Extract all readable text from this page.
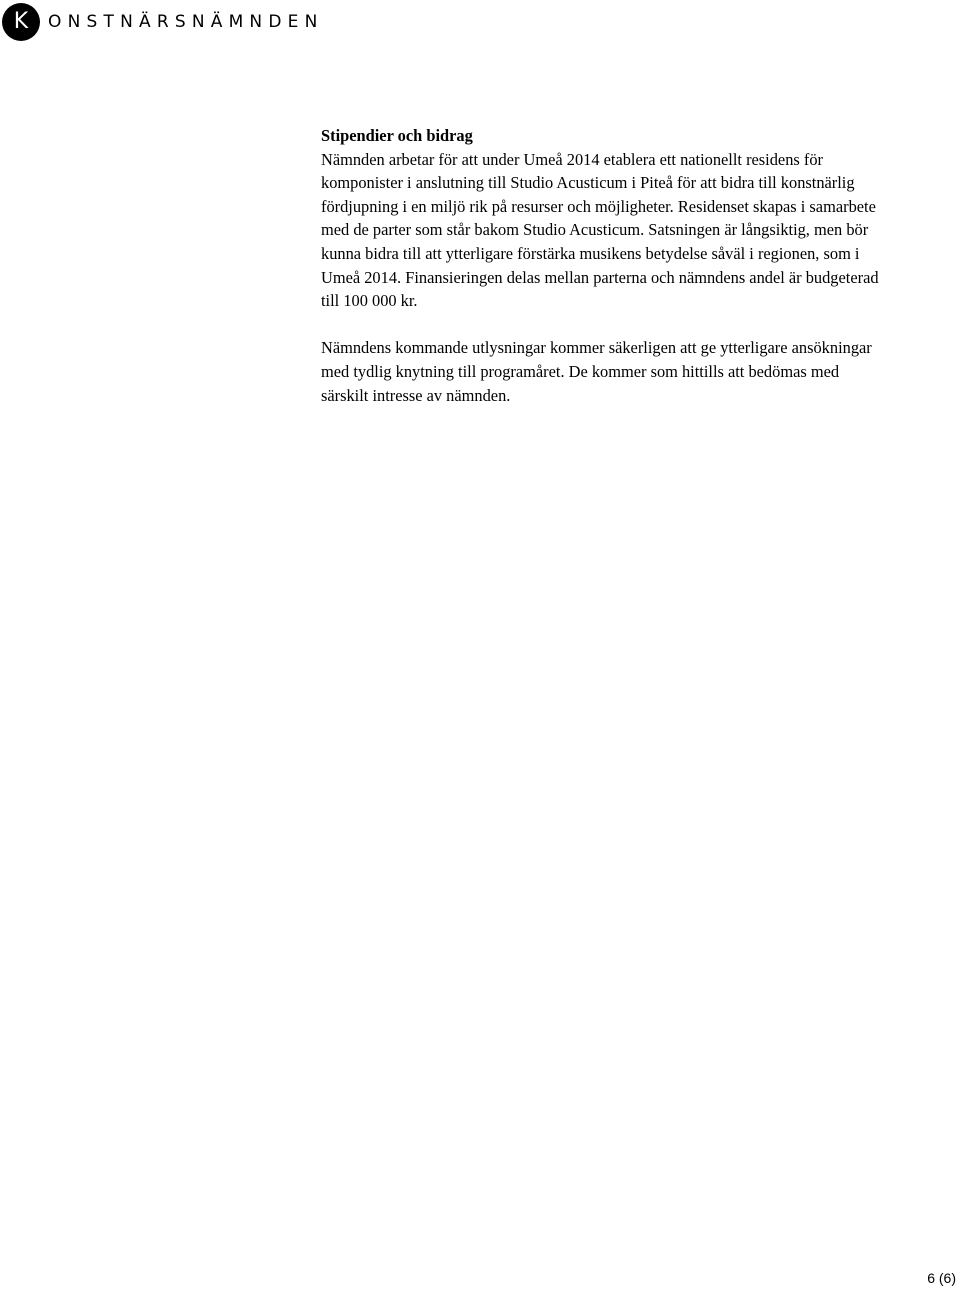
K ONSTNÄRSNÄMNDEN

Stipendier och bidrag

Nämnden arbetar för att under Umeå 2014 etablera ett nationellt residens för komponister i anslutning till Studio Acusticum i Piteå för att bidra till konstnärlig fördjupning i en miljö rik på resurser och möjligheter. Residenset skapas i samarbete med de parter som står bakom Studio Acusticum. Satsningen är långsiktig, men bör kunna bidra till att ytterligare förstärka musikens betydelse såväl i regionen, som i Umeå 2014. Finansieringen delas mellan parterna och nämndens andel är budgeterad till 100 000 kr.

Nämndens kommande utlysningar kommer säkerligen att ge ytterligare ansökningar med tydlig knytning till programåret. De kommer som hittills att bedömas med särskilt intresse av nämnden.

6 (6)
